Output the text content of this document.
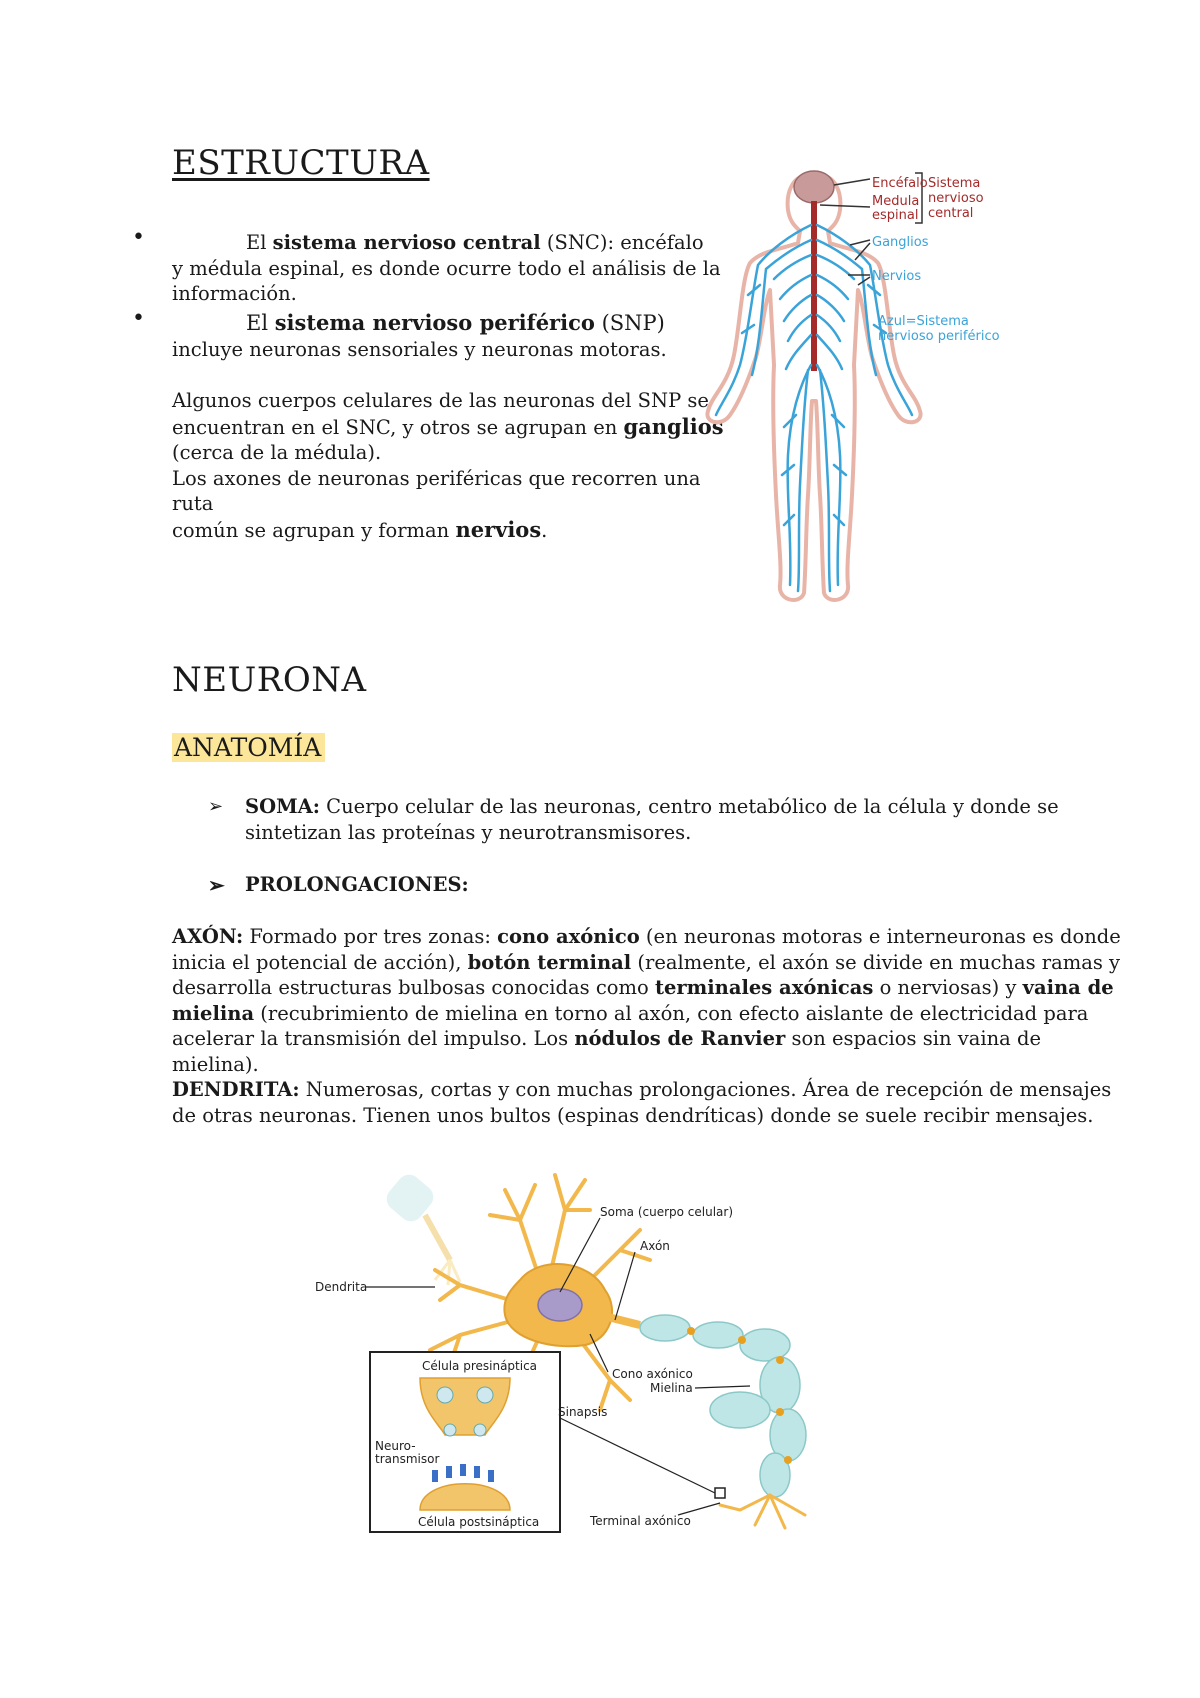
ESTRUCTURA
•	El sistema nervioso central (SNC): encéfalo
y médula espinal, es donde ocurre todo el análisis de la
información.
•	El sistema nervioso periférico (SNP)
incluye neuronas sensoriales y neuronas motoras.
Algunos cuerpos celulares de las neuronas del SNP se
encuentran en el SNC, y otros se agrupan en ganglios
(cerca de la médula).
Los axones de neuronas periféricas que recorren una ruta
común se agrupan y forman nervios.
Encéfalo
Medula
espinal
Sistema
nervioso
central
Ganglios
Nervios
Azul=Sistema
nervioso periférico
NEURONA
ANATOMÍA
➢ SOMA: Cuerpo celular de las neuronas, centro metabólico de la célula y donde se
sintetizan las proteínas y neurotransmisores.
➢ PROLONGACIONES:
AXÓN: Formado por tres zonas: cono axónico (en neuronas motoras e interneuronas es donde
inicia el potencial de acción), botón terminal (realmente, el axón se divide en muchas ramas y
desarrolla estructuras bulbosas conocidas como terminales axónicas o nerviosas) y vaina de
mielina (recubrimiento de mielina en torno al axón, con efecto aislante de electricidad para
acelerar la transmisión del impulso. Los nódulos de Ranvier son espacios sin vaina de mielina).
DENDRITA: Numerosas, cortas y con muchas prolongaciones. Área de recepción de mensajes
de otras neuronas. Tienen unos bultos (espinas dendríticas) donde se suele recibir mensajes.
Soma (cuerpo celular)
Axón
Dendrita
Cono axónico
Mielina
Sinapsis
Terminal axónico
Célula presináptica
Neuro-
transmisor
Célula postsináptica
